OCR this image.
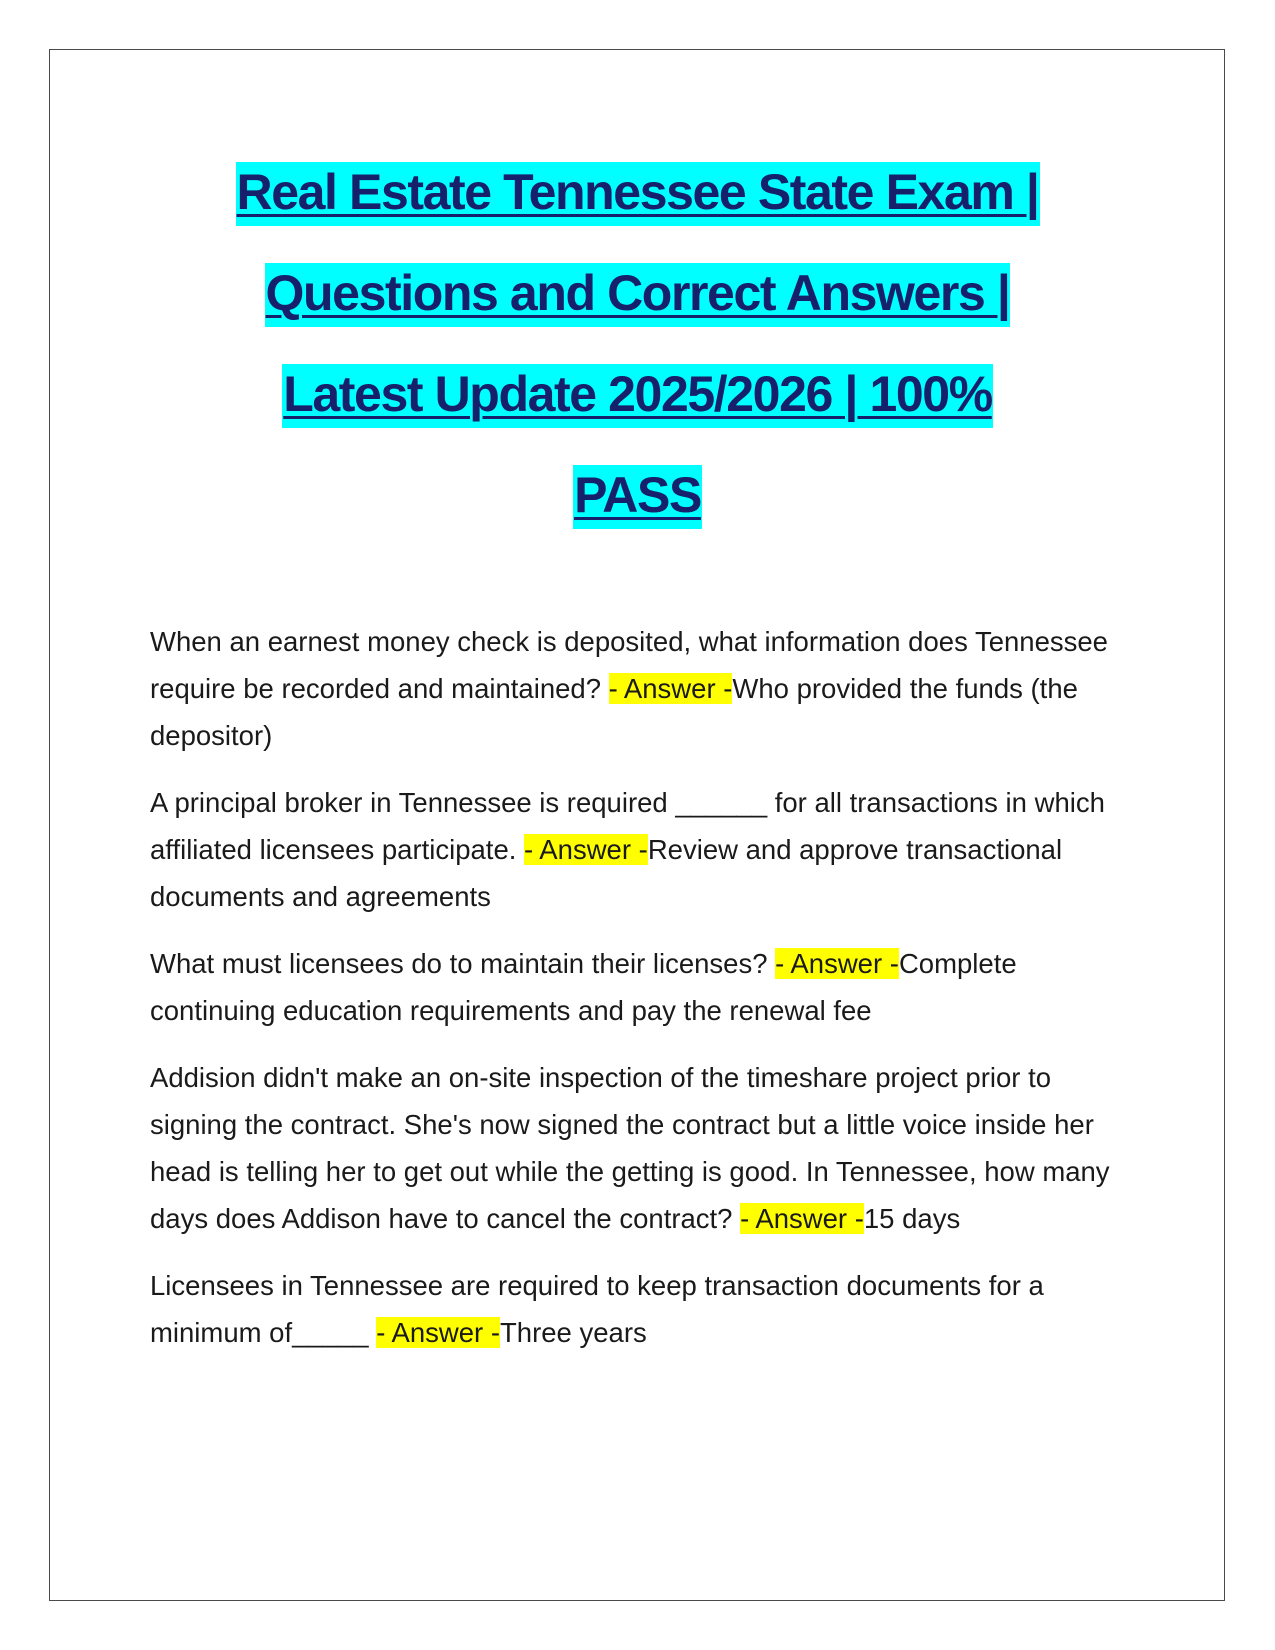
Real Estate Tennessee State Exam |
Questions and Correct Answers |
Latest Update 2025/2026 | 100%
PASS

When an earnest money check is deposited, what information does Tennessee require be recorded and maintained? - Answer -Who provided the funds (the depositor)

A principal broker in Tennessee is required ______ for all transactions in which affiliated licensees participate. - Answer -Review and approve transactional documents and agreements

What must licensees do to maintain their licenses? - Answer -Complete continuing education requirements and pay the renewal fee

Addision didn't make an on-site inspection of the timeshare project prior to signing the contract. She's now signed the contract but a little voice inside her head is telling her to get out while the getting is good. In Tennessee, how many days does Addison have to cancel the contract? - Answer -15 days

Licensees in Tennessee are required to keep transaction documents for a minimum of_____ - Answer -Three years
